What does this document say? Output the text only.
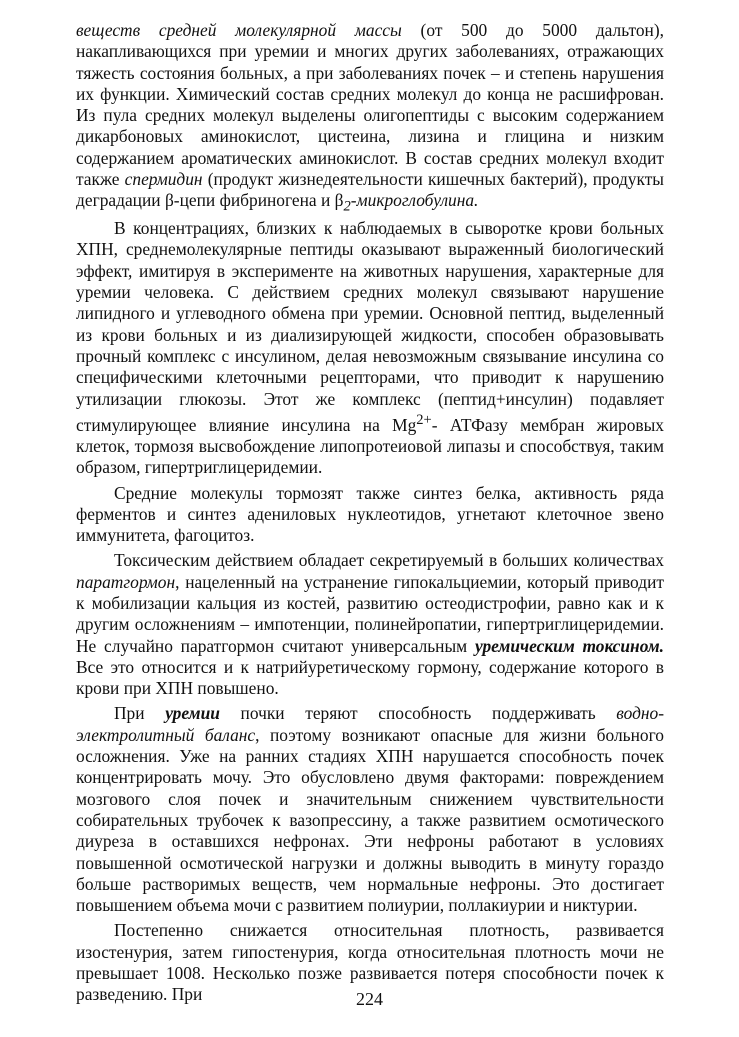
веществ средней молекулярной массы (от 500 до 5000 дальтон), накапливающихся при уремии и многих других заболеваниях, отражающих тяжесть состояния больных, а при заболеваниях почек – и степень нарушения их функции. Химический состав средних молекул до конца не расшифрован. Из пула средних молекул выделены олигопептиды с высоким содержанием дикарбоновых аминокислот, цистеина, лизина и глицина и низким содержанием ароматических аминокислот. В состав средних молекул входит также спермидин (продукт жизнедеятельности кишечных бактерий), продукты деградации β-цепи фибриногена и $\beta_2$-микроглобулина.

В концентрациях, близких к наблюдаемых в сыворотке крови больных ХПН, среднемолекулярные пептиды оказывают выраженный биологический эффект, имитируя в эксперименте на животных нарушения, характерные для уремии человека. С действием средних молекул связывают нарушение липидного и углеводного обмена при уремии. Основной пептид, выделенный из крови больных и из диализирующей жидкости, способен образовывать прочный комплекс с инсулином, делая невозможным связывание инсулина со специфическими клеточными рецепторами, что приводит к нарушению утилизации глюкозы. Этот же комплекс (пептид+инсулин) подавляет стимулирующее влияние инсулина на $Mg^{2+}-$ АТФазу мембран жировых клеток, тормозя высвобождение липопротеиовой липазы и способствуя, таким образом, гипертриглицеридемии.

Средние молекулы тормозят также синтез белка, активность ряда ферментов и синтез адениловых нуклеотидов, угнетают клеточное звено иммунитета, фагоцитоз.

Токсическим действием обладает секретируемый в больших количествах паратгормон, нацеленный на устранение гипокальциемии, который приводит к мобилизации кальция из костей, развитию остеодистрофии, равно как и к другим осложнениям – импотенции, полинейропатии, гипертриглицеридемии. Не случайно паратгормон считают универсальным уремическим токсином. Все это относится и к натрийуретическому гормону, содержание которого в крови при ХПН повышено.

При уремии почки теряют способность поддерживать водно-электролитный баланс, поэтому возникают опасные для жизни больного осложнения. Уже на ранних стадиях ХПН нарушается способность почек концентрировать мочу. Это обусловлено двумя факторами: повреждением мозгового слоя почек и значительным снижением чувствительности собирательных трубочек к вазопрессину, а также развитием осмотического диуреза в оставшихся нефронах. Эти нефроны работают в условиях повышенной осмотической нагрузки и должны выводить в минуту гораздо больше растворимых веществ, чем нормальные нефроны. Это достигает повышением объема мочи с развитием полиурии, поллакиурии и никтурии.

Постепенно снижается относительная плотность, развивается изостенурия, затем гипостенурия, когда относительная плотность мочи не превышает 1008. Несколько позже развивается потеря способности почек к разведению. При	224
